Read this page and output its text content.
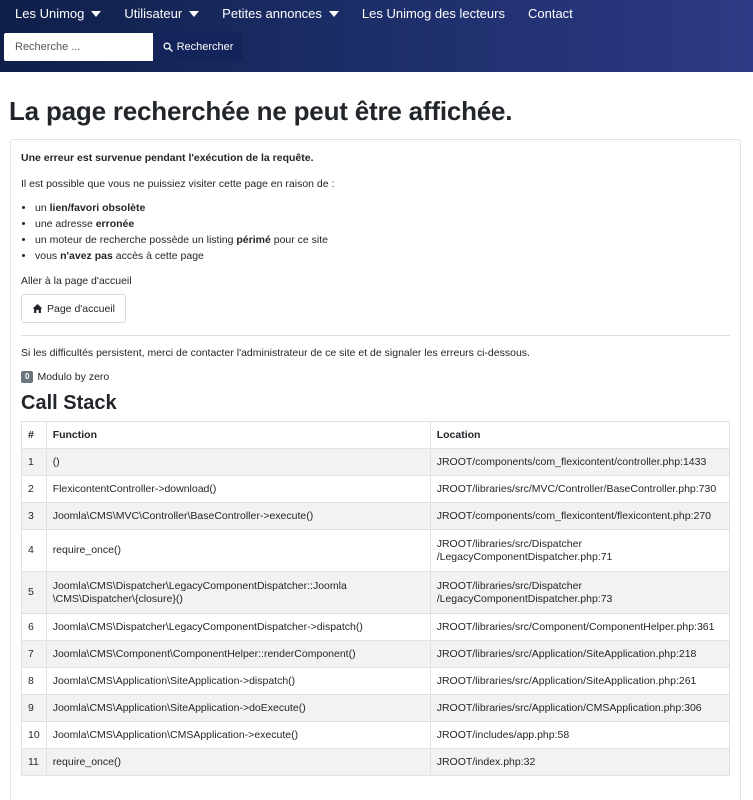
Les Unimog	Utilisateur	Petites annonces	Les Unimog des lecteurs Contact
Recherche ...
Rechercher
La page recherchée ne peut être affichée.

Une erreur est survenue pendant l'exécution de la requête.

Il est possible que vous ne puissiez visiter cette page en raison de :

• un lien/favori obsolète
• une adresse erronée
• un moteur de recherche possède un listing périmé pour ce site
• vous n'avez pas accès à cette page

Aller à la page d'accueil

Page d'accueil

Si les difficultés persistent, merci de contacter l'administrateur de ce site et de signaler les erreurs ci-dessous.

0 Modulo by zero
Call Stack
#	Function	Location
1	()	JROOT/components/com_flexicontent/controller.php:1433
2	FlexicontentController->download()	JROOT/libraries/src/MVC/Controller/BaseController.php:730
3	Joomla\CMS\MVC\Controller\BaseController->execute()	JROOT/components/com_flexicontent/flexicontent.php:270
4	require_once()	JROOT/libraries/src/Dispatcher
/LegacyComponentDispatcher.php:71
5	Joomla\CMS\Dispatcher\LegacyComponentDispatcher::Joomla
\CMS\Dispatcher\{closure}()	JROOT/libraries/src/Dispatcher
/LegacyComponentDispatcher.php:73
6	Joomla\CMS\Dispatcher\LegacyComponentDispatcher->dispatch()	JROOT/libraries/src/Component/ComponentHelper.php:361
7	Joomla\CMS\Component\ComponentHelper::renderComponent()	JROOT/libraries/src/Application/SiteApplication.php:218
8	Joomla\CMS\Application\SiteApplication->dispatch()	JROOT/libraries/src/Application/SiteApplication.php:261
9	Joomla\CMS\Application\SiteApplication->doExecute()	JROOT/libraries/src/Application/CMSApplication.php:306
10	Joomla\CMS\Application\CMSApplication->execute()	JROOT/includes/app.php:58
11	require_once()	JROOT/index.php:32
